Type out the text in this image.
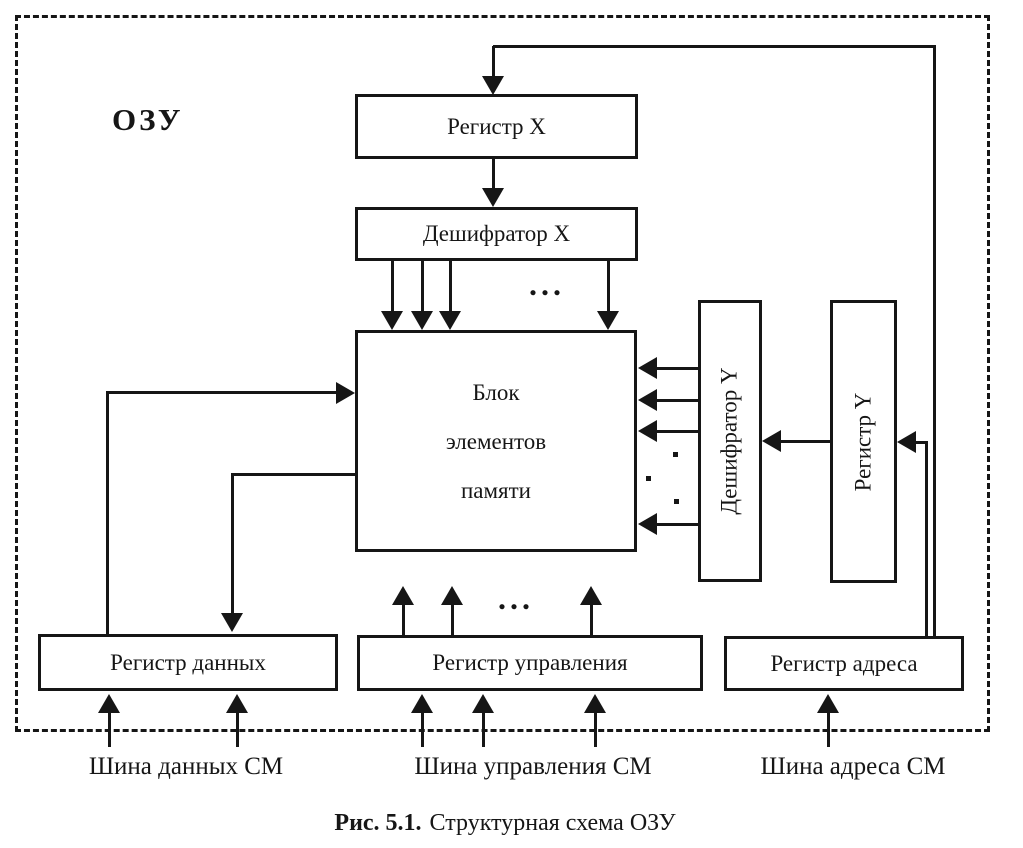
ОЗУ	Регистр X
Дешифратор X
Блок
элементов
памяти	Дешифратор Y	Регистр Y
Регистр данных	Регистр управления	Регистр адреса
...
...
Шина данных СМ	Шина управления СМ	Шина адреса СМ
Рис. 5.1. Структурная схема ОЗУ
